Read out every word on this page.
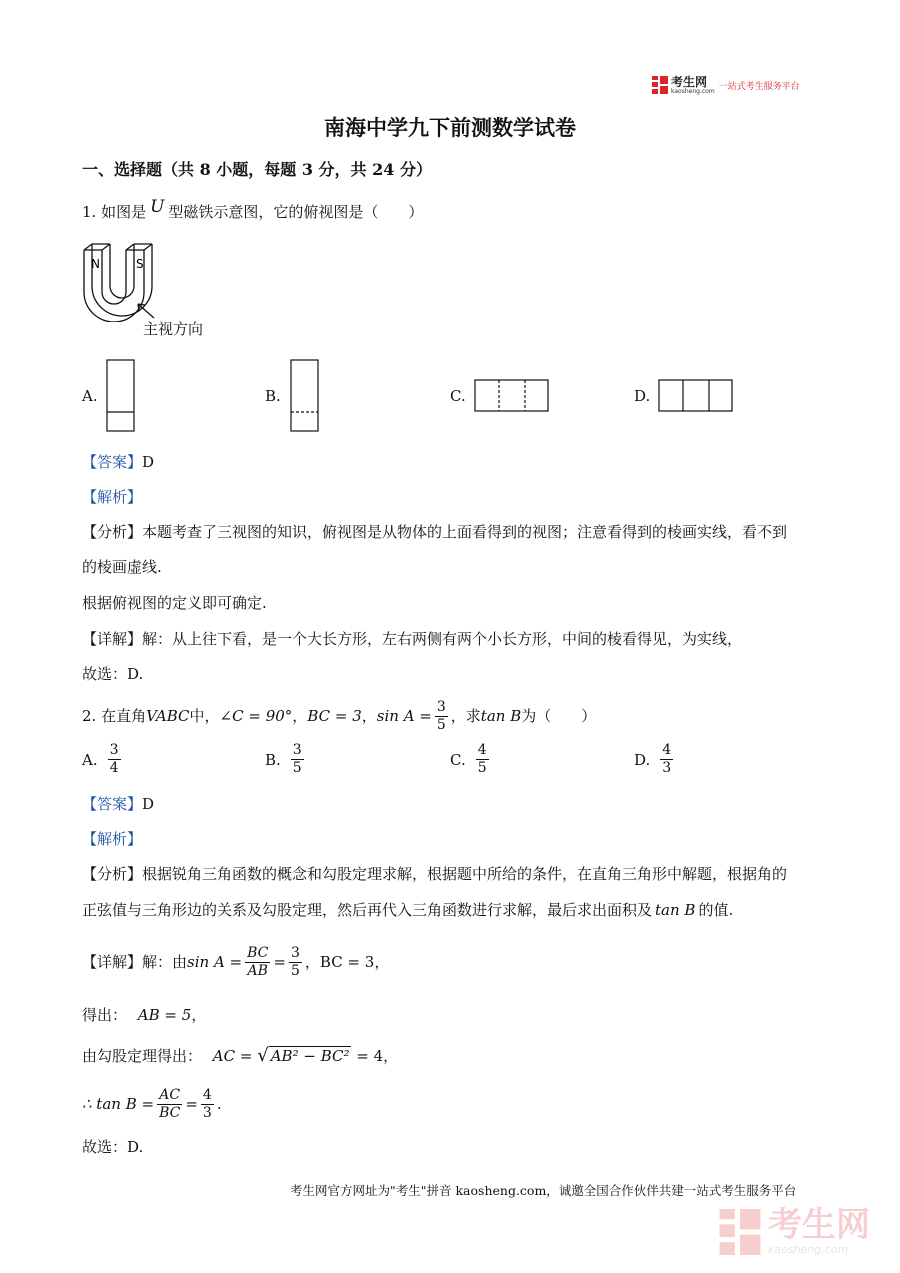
考生网
kaosheng.com 一站式考生服务平台
南海中学九下前测数学试卷
一、选择题（共 8 小题，每题 3 分，共 24 分）
1. 如图是 U 型磁铁示意图，它的俯视图是（　　）
N	S
主视方向
A.	B.	C.	D.
【答案】D
【解析】
【分析】本题考查了三视图的知识，俯视图是从物体的上面看得到的视图；注意看得到的棱画实线，看不到
的棱画虚线.
根据俯视图的定义即可确定.
【详解】解：从上往下看，是一个大长方形，左右两侧有两个小长方形，中间的棱看得见，为实线，
故选：D.
2. 在直角 VABC 中， ∠C = 90° ， BC = 3 ， $\sin A = \frac{3}{5}$ ，求 tan B 为（　　）
A. $\frac{3}{4}$	B. $\frac{3}{5}$	C. $\frac{4}{5}$	D. $\frac{4}{3}$
【答案】D
【解析】
【分析】根据锐角三角函数的概念和勾股定理求解，根据题中所给的条件，在直角三角形中解题，根据角的
正弦值与三角形边的关系及勾股定理，然后再代入三角函数进行求解，最后求出面积及 tan B 的值.
【详解】 解：由 $\sin A = \frac{BC}{AB} = \frac{3}{5}$ ，BC = 3，
得出： AB = 5，
由勾股定理得出： AC = √ AB² − BC² = 4，
∴ $\tan B = \frac{AC}{BC} = \frac{4}{3}$ .
故选：D.
考生网官方网址为"考生"拼音 kaosheng.com，诚邀全国合作伙伴共建一站式考生服务平台
考生网
kaosheng.com
